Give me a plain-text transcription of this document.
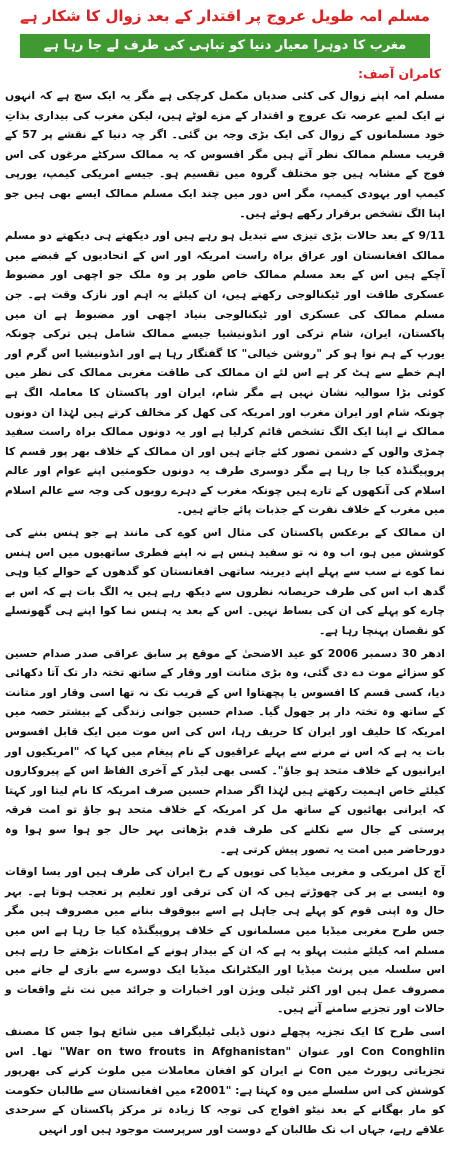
مسلم امہ طویل عروج پر اقتدار کے بعد زوال کا شکار ہے
مغرب کا دوہرا معیار دنیا کو تباہی کی طرف لے جا رہا ہے
کامران آصف:

مسلم امہ اپنے زوال کی کئی صدیاں مکمل کرچکی ہے مگر یہ ایک سچ ہے کہ انہوں نے ایک لمبے عرصہ تک عروج و اقتدار کے مزے لوٹے ہیں، لیکن مغرب کی بیداری بذاتِ خود مسلمانوں کے زوال کی ایک بڑی وجہ بن گئی۔ اگر چہ دنیا کے نقشے پر 57 کے قریب مسلم ممالک نظر آتے ہیں مگر افسوس کہ یہ ممالک سرکٹے مرغوں کی اس فوج کے مشابہ ہیں جو مختلف گروہ میں تقسیم ہو۔ جیسے امریکی کیمپ، یورپی کیمپ اور یہودی کیمپ، مگر اس دور میں چند ایک مسلم ممالک ایسے بھی ہیں جو اپنا الگ تشخص برقرار رکھے ہوئے ہیں۔

9/11 کے بعد حالات بڑی تیزی سے تبدیل ہو رہے ہیں اور دیکھتے ہی دیکھتے دو مسلم ممالک افغانستان اور عراق براہ راست امریکہ اور اس کے اتحادیوں کے قبضے میں آچکے ہیں اس کے بعد مسلم ممالک خاص طور پر وہ ملک جو اچھی اور مضبوط عسکری طاقت اور ٹیکنالوجی رکھتے ہیں، ان کیلئے یہ اہم اور نازک وقت ہے۔ جن مسلم ممالک کی عسکری اور ٹیکنالوجی بنیاد اچھی اور مضبوط ہے ان میں پاکستان، ایران، شام ترکی اور انڈونیشیا جیسے ممالک شامل ہیں ترکی چونکہ یورپ کے ہم نوا ہو کر "روشن خیالی" کا گفتگار رہا ہے اور انڈونیشیا اس گرم اور اہم خطے سے ہٹ کر ہے اس لئے ان ممالک کی طاقت مغربی ممالک کی نظر میں کوئی بڑا سوالیہ نشان نہیں ہے مگر شام، ایران اور پاکستان کا معاملہ الگ ہے چونکہ شام اور ایران مغرب اور امریکہ کی کھل کر مخالف کرتے ہیں لہٰذا ان دونوں ممالک نے اپنا ایک الگ تشخص قائم کرلیا ہے اور یہ دونوں ممالک براہ راست سفید چمڑی والوں کے دشمن تصور کئے جاتے ہیں اور ان ممالک کے خلاف بھر پور قسم کا پروپیگنڈہ کیا جا رہا ہے مگر دوسری طرف یہ دونوں حکومتیں اپنے عوام اور عالم اسلام کی آنکھوں کے تارے ہیں چونکہ مغرب کے دہرے رویوں کی وجہ سے عالم اسلام میں مغرب کے خلاف نفرت کے جذبات پائے جاتے ہیں۔

ان ممالک کے برعکس پاکستان کی مثال اس کوے کی مانند ہے جو ہنس بننے کی کوشش میں ہو، اب وہ نہ تو سفید ہنس ہے نہ اپنے فطری ساتھیوں میں اس ہنس نما کوے نے سب سے پہلے اپنے دیرینہ ساتھی افغانستان کو گدھوں کے حوالے کیا وہی گدھ اب اس کی طرف حریصانہ نظروں سے دیکھ رہے ہیں یہ الگ بات ہے کہ اس بے چارے کو پہلے کی ان کی بساط نہیں۔ اس کے بعد یہ ہنس نما کوا اپنے ہی گھونسلے کو نقصان پہنچا رہا ہے۔

ادھر 30 دسمبر 2006 کو عید الاضحیٰ کے موقع پر سابق عراقی صدر صدام حسین کو سزائے موت دے دی گئی، وہ بڑی متانت اور وقار کے ساتھ تختہ دار تک آتا دکھائی دیا، کسی قسم کا افسوس یا پچھتاوا اس کے قریب تک نہ تھا اسی وقار اور متانت کے ساتھ وہ تختہ دار پر جھول گیا۔ صدام حسین جوانی زندگی کے بیشتر حصہ میں امریکہ کا حلیف اور ایران کا حریف رہا، اس کی اس موت میں ایک قابل افسوس بات یہ ہے کہ اس نے مرنے سے پہلے عراقیوں کے نام پیغام میں کہا کہ "امریکیوں اور ایرانیوں کے خلاف متحد ہو جاؤ"۔ کسی بھی لیڈر کے آخری الفاظ اس کے پیروکاروں کیلئے خاص اہمیت رکھتے ہیں لہٰذا اگر صدام حسین صرف امریکہ کا نام لیتا اور کہتا کہ ایرانی بھائیوں کے ساتھ مل کر امریکہ کے خلاف متحد ہو جاؤ تو امت فرقہ پرستی کے جال سے نکلنے کی طرف قدم بڑھاتی بہر حال جو ہوا سو ہوا وہ دورحاضر میں امت یہ تصور پیش کرتی ہے۔

آج کل امریکی و مغربی میڈیا کی توپوں کے رخ ایران کی طرف ہیں اور یسا اوقات وہ ایسی بے پر کی چھوڑتے ہیں کہ ان کی ترقی اور تعلیم پر تعجب ہوتا ہے۔ بہر حال وہ اپنی قوم کو پہلے ہی جاہل ہے اسے بیوقوف بنانے میں مصروف ہیں مگر جس طرح مغربی میڈیا میں مسلمانوں کے خلاف پروپیگنڈہ کیا جا رہا ہے اس میں مسلم امہ کیلئے مثبت پہلو یہ ہے کہ ان کے بیدار ہونے کے امکانات بڑھتے جا رہے ہیں اس سلسلہ میں پرنٹ میڈیا اور الیکٹرانک میڈیا ایک دوسرے سے بازی لے جانے میں مصروف عمل ہیں اور اکثر ٹیلی ویژن اور اخبارات و جرائد میں نت نئے واقعات و حالات اور تجزیے سامنے آتے ہیں۔

اسی طرح کا ایک تجزیہ پچھلے دنوں ڈیلی ٹیلیگراف میں شائع ہوا جس کا مصنف Con Conghlin اور عنوان "War on two frouts in Afghanistan" تھا۔ اس تجزیاتی رپورٹ میں Con نے ایران کو افغان معاملات میں ملوث کرنے کی بھرپور کوشش کی اس سلسلے میں وہ کہتا ہے: "2001ء میں افغانستان سے طالبان حکومت کو مار بھگانے کے بعد نیٹو افواج کی توجہ کا زیادہ تر مرکز پاکستان کے سرحدی علاقے رہے، جہاں اب تک طالبان کے دوست اور سرپرست موجود ہیں اور انہیں
